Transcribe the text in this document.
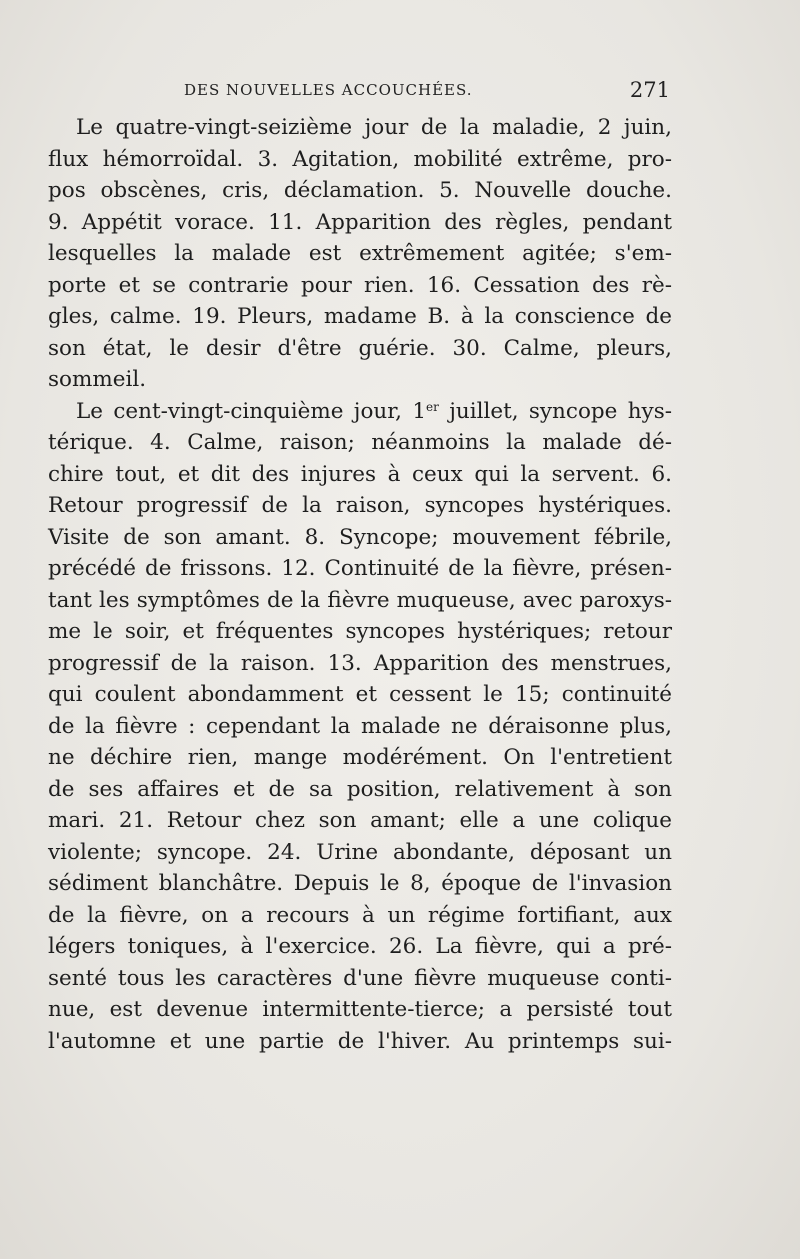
DES NOUVELLES ACCOUCHÉES.	271
Le quatre-vingt-seizième jour de la maladie, 2 juin,
flux hémorroïdal. 3. Agitation, mobilité extrême, pro-
pos obscènes, cris, déclamation. 5. Nouvelle douche.
9. Appétit vorace. 11. Apparition des règles, pendant
lesquelles la malade est extrêmement agitée; s'em-
porte et se contrarie pour rien. 16. Cessation des rè-
gles, calme. 19. Pleurs, madame B. à la conscience de
son état, le desir d'être guérie. 30. Calme, pleurs,
sommeil.
Le cent-vingt-cinquième jour, 1er juillet, syncope hys-
térique. 4. Calme, raison; néanmoins la malade dé-
chire tout, et dit des injures à ceux qui la servent. 6.
Retour progressif de la raison, syncopes hystériques.
Visite de son amant. 8. Syncope; mouvement fébrile,
précédé de frissons. 12. Continuité de la fièvre, présen-
tant les symptômes de la fièvre muqueuse, avec paroxys-
me le soir, et fréquentes syncopes hystériques; retour
progressif de la raison. 13. Apparition des menstrues,
qui coulent abondamment et cessent le 15; continuité
de la fièvre : cependant la malade ne déraisonne plus,
ne déchire rien, mange modérément. On l'entretient
de ses affaires et de sa position, relativement à son
mari. 21. Retour chez son amant; elle a une colique
violente; syncope. 24. Urine abondante, déposant un
sédiment blanchâtre. Depuis le 8, époque de l'invasion
de la fièvre, on a recours à un régime fortifiant, aux
légers toniques, à l'exercice. 26. La fièvre, qui a pré-
senté tous les caractères d'une fièvre muqueuse conti-
nue, est devenue intermittente-tierce; a persisté tout
l'automne et une partie de l'hiver. Au printemps sui-
